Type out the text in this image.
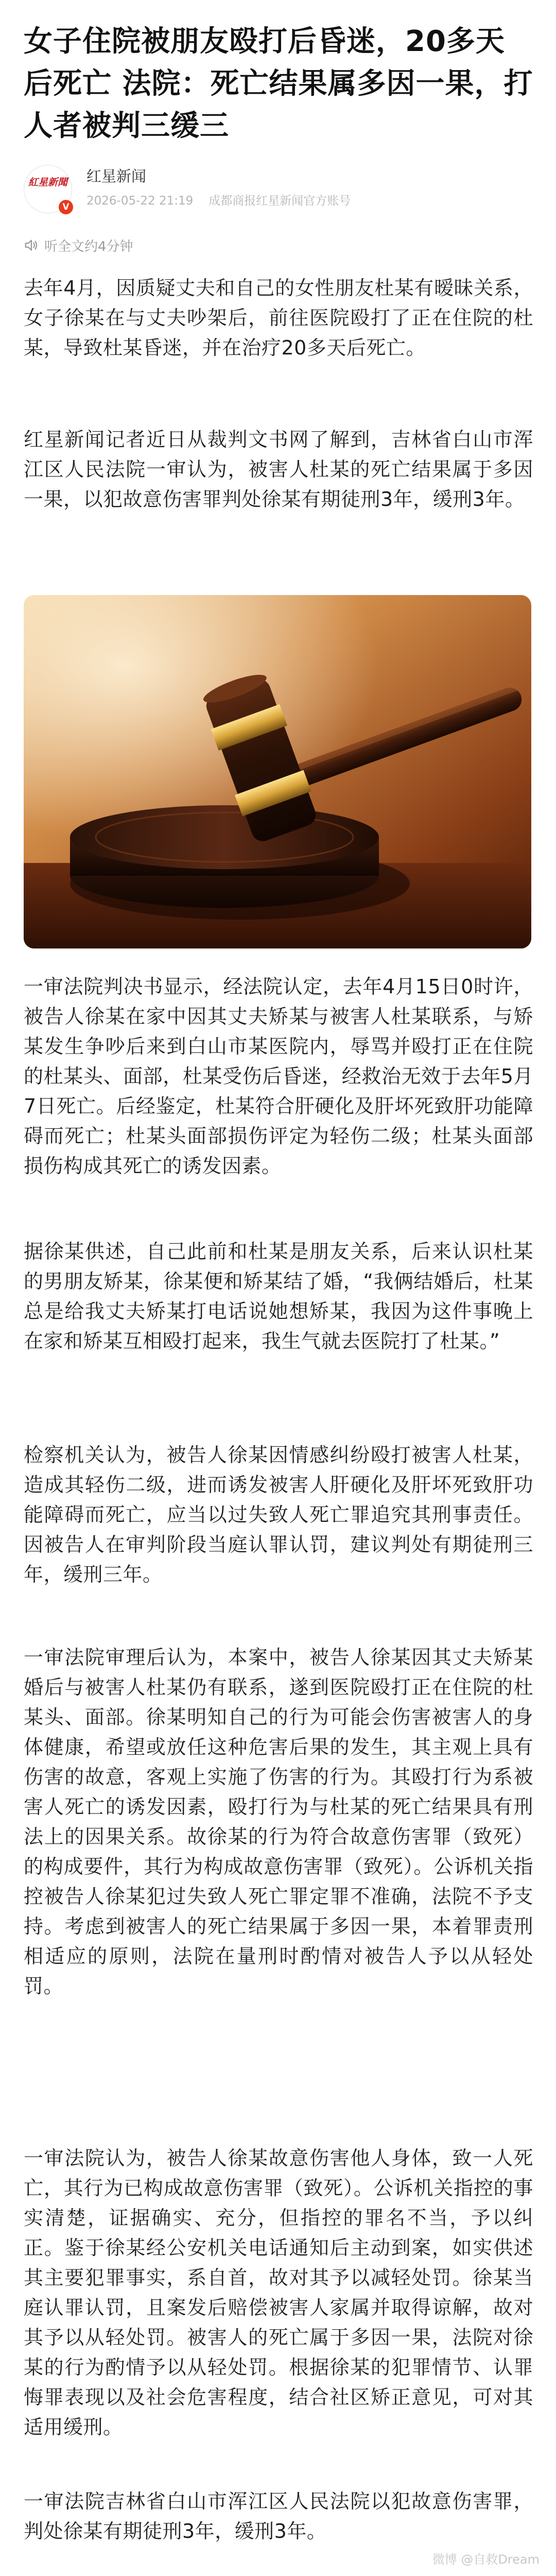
女子住院被朋友殴打后昏迷，20多天后死亡 法院：死亡结果属多因一果，打人者被判三缓三
紅星新聞
V
红星新闻
2026-05-22 21:19 成都商报红星新闻官方账号
听全文约4分钟

去年4月，因质疑丈夫和自己的女性朋友杜某有暧昧关系，女子徐某在与丈夫吵架后，前往医院殴打了正在住院的杜某，导致杜某昏迷，并在治疗20多天后死亡。

红星新闻记者近日从裁判文书网了解到，吉林省白山市浑江区人民法院一审认为，被害人杜某的死亡结果属于多因一果，以犯故意伤害罪判处徐某有期徒刑3年，缓刑3年。

一审法院判决书显示，经法院认定，去年4月15日0时许，被告人徐某在家中因其丈夫矫某与被害人杜某联系，与矫某发生争吵后来到白山市某医院内，辱骂并殴打正在住院的杜某头、面部，杜某受伤后昏迷，经救治无效于去年5月7日死亡。后经鉴定，杜某符合肝硬化及肝坏死致肝功能障碍而死亡；杜某头面部损伤评定为轻伤二级；杜某头面部损伤构成其死亡的诱发因素。

据徐某供述，自己此前和杜某是朋友关系，后来认识杜某的男朋友矫某，徐某便和矫某结了婚，“我俩结婚后，杜某总是给我丈夫矫某打电话说她想矫某，我因为这件事晚上在家和矫某互相殴打起来，我生气就去医院打了杜某。”

检察机关认为，被告人徐某因情感纠纷殴打被害人杜某，造成其轻伤二级，进而诱发被害人肝硬化及肝坏死致肝功能障碍而死亡，应当以过失致人死亡罪追究其刑事责任。因被告人在审判阶段当庭认罪认罚，建议判处有期徒刑三年，缓刑三年。

一审法院审理后认为，本案中，被告人徐某因其丈夫矫某婚后与被害人杜某仍有联系，遂到医院殴打正在住院的杜某头、面部。徐某明知自己的行为可能会伤害被害人的身体健康，希望或放任这种危害后果的发生，其主观上具有伤害的故意，客观上实施了伤害的行为。其殴打行为系被害人死亡的诱发因素，殴打行为与杜某的死亡结果具有刑法上的因果关系。故徐某的行为符合故意伤害罪（致死）的构成要件，其行为构成故意伤害罪（致死）。公诉机关指控被告人徐某犯过失致人死亡罪定罪不准确，法院不予支持。考虑到被害人的死亡结果属于多因一果，本着罪责刑相适应的原则，法院在量刑时酌情对被告人予以从轻处罚。

一审法院认为，被告人徐某故意伤害他人身体，致一人死亡，其行为已构成故意伤害罪（致死）。公诉机关指控的事实清楚，证据确实、充分，但指控的罪名不当，予以纠正。鉴于徐某经公安机关电话通知后主动到案，如实供述其主要犯罪事实，系自首，故对其予以减轻处罚。徐某当庭认罪认罚，且案发后赔偿被害人家属并取得谅解，故对其予以从轻处罚。被害人的死亡属于多因一果，法院对徐某的行为酌情予以从轻处罚。根据徐某的犯罪情节、认罪悔罪表现以及社会危害程度，结合社区矫正意见，可对其适用缓刑。

一审法院吉林省白山市浑江区人民法院以犯故意伤害罪，判处徐某有期徒刑3年，缓刑3年。

微博 @自救Dream
